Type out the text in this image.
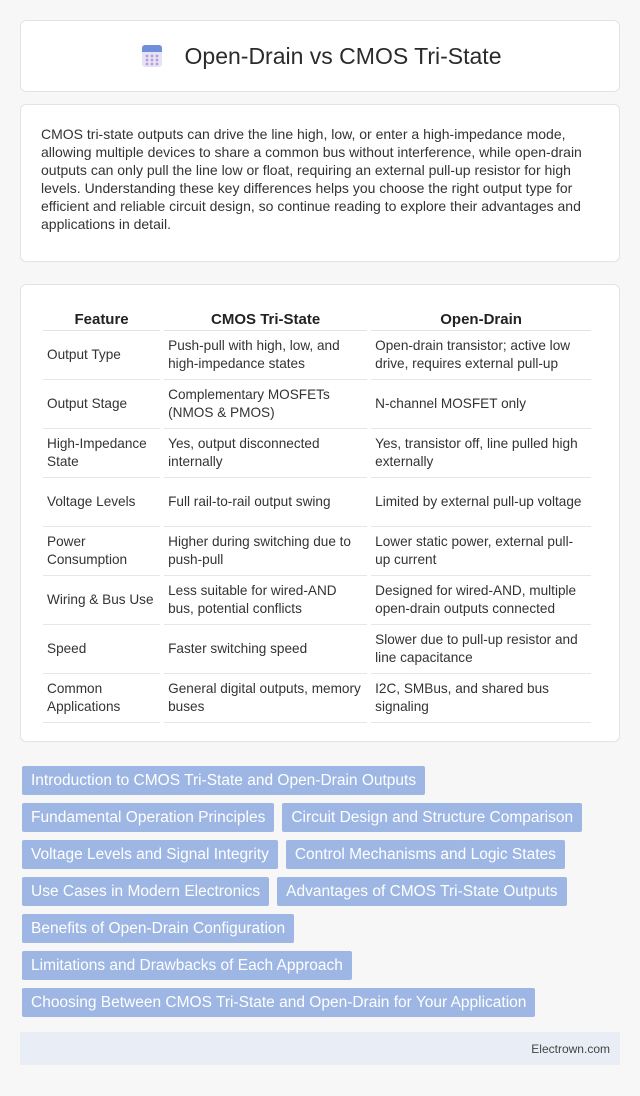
Open-Drain vs CMOS Tri-State

CMOS tri-state outputs can drive the line high, low, or enter a high-impedance mode, allowing multiple devices to share a common bus without interference, while open-drain outputs can only pull the line low or float, requiring an external pull-up resistor for high levels. Understanding these key differences helps you choose the right output type for efficient and reliable circuit design, so continue reading to explore their advantages and applications in detail.

Feature	CMOS Tri-State	Open-Drain
Output Type	Push-pull with high, low, and high-impedance states	Open-drain transistor; active low drive, requires external pull-up
Output Stage	Complementary MOSFETs (NMOS & PMOS)	N-channel MOSFET only
High-Impedance State	Yes, output disconnected internally	Yes, transistor off, line pulled high externally
Voltage Levels	Full rail-to-rail output swing	Limited by external pull-up voltage
Power Consumption	Higher during switching due to push-pull	Lower static power, external pull-up current
Wiring & Bus Use	Less suitable for wired-AND bus, potential conflicts	Designed for wired-AND, multiple open-drain outputs connected
Speed	Faster switching speed	Slower due to pull-up resistor and line capacitance
Common Applications	General digital outputs, memory buses	I2C, SMBus, and shared bus signaling
Introduction to CMOS Tri-State and Open-Drain Outputs
Fundamental Operation Principles	Circuit Design and Structure Comparison
Voltage Levels and Signal Integrity	Control Mechanisms and Logic States
Use Cases in Modern Electronics	Advantages of CMOS Tri-State Outputs
Benefits of Open-Drain Configuration
Limitations and Drawbacks of Each Approach
Choosing Between CMOS Tri-State and Open-Drain for Your Application
Electrown.com
